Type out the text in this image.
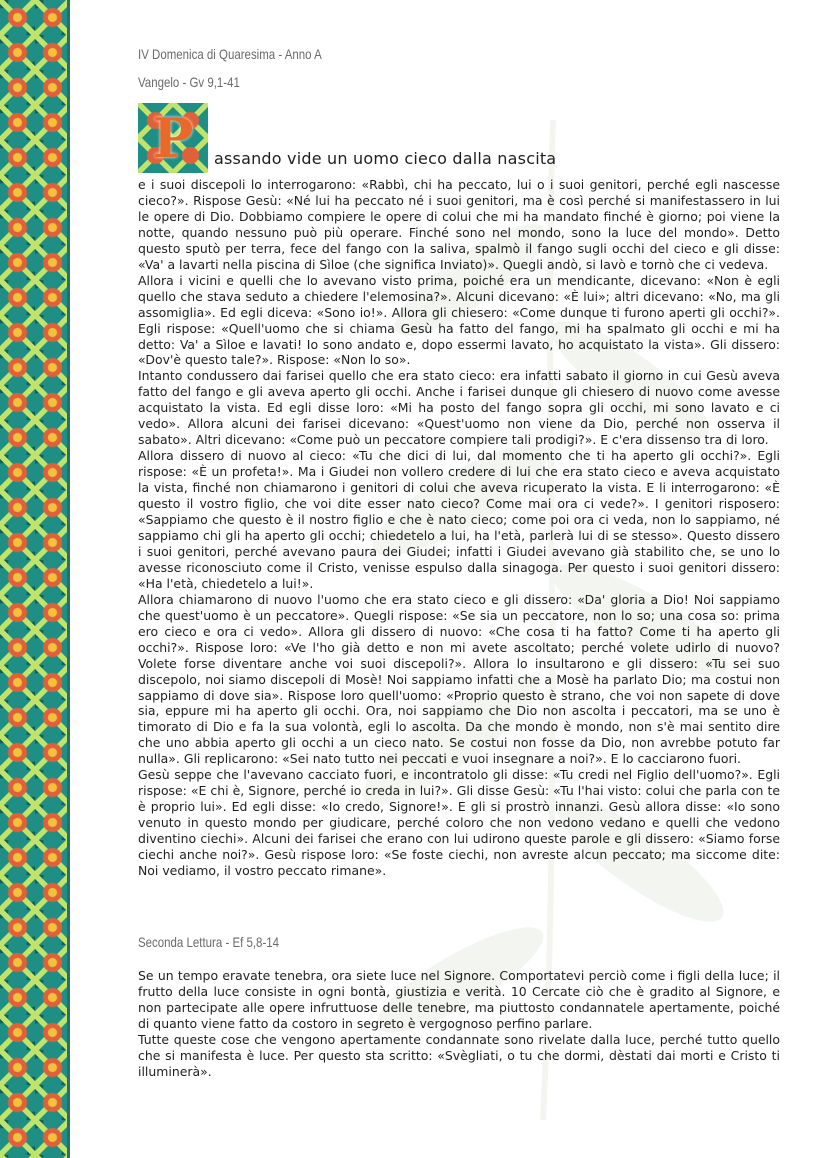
IV Domenica di Quaresima - Anno A

Vangelo - Gv 9,1-41

P assando vide un uomo cieco dalla nascita

e i suoi discepoli lo interrogarono: «Rabbì, chi ha peccato, lui o i suoi genitori, perché egli nascesse cieco?». Rispose Gesù: «Né lui ha peccato né i suoi genitori, ma è così perché si manifestassero in lui le opere di Dio. Dobbiamo compiere le opere di colui che mi ha mandato finché è giorno; poi viene la notte, quando nessuno può più operare. Finché sono nel mondo, sono la luce del mondo». Detto questo sputò per terra, fece del fango con la saliva, spalmò il fango sugli occhi del cieco e gli disse: «Va' a lavarti nella piscina di Sìloe (che significa Inviato)». Quegli andò, si lavò e tornò che ci vedeva.

Allora i vicini e quelli che lo avevano visto prima, poiché era un mendicante, dicevano: «Non è egli quello che stava seduto a chiedere l'elemosina?». Alcuni dicevano: «È lui»; altri dicevano: «No, ma gli assomiglia». Ed egli diceva: «Sono io!». Allora gli chiesero: «Come dunque ti furono aperti gli occhi?». Egli rispose: «Quell'uomo che si chiama Gesù ha fatto del fango, mi ha spalmato gli occhi e mi ha detto: Va' a Sìloe e lavati! Io sono andato e, dopo essermi lavato, ho acquistato la vista». Gli dissero: «Dov'è questo tale?». Rispose: «Non lo so».

Intanto condussero dai farisei quello che era stato cieco: era infatti sabato il giorno in cui Gesù aveva fatto del fango e gli aveva aperto gli occhi. Anche i farisei dunque gli chiesero di nuovo come avesse acquistato la vista. Ed egli disse loro: «Mi ha posto del fango sopra gli occhi, mi sono lavato e ci vedo». Allora alcuni dei farisei dicevano: «Quest'uomo non viene da Dio, perché non osserva il sabato». Altri dicevano: «Come può un peccatore compiere tali prodigi?». E c'era dissenso tra di loro.

Allora dissero di nuovo al cieco: «Tu che dici di lui, dal momento che ti ha aperto gli occhi?». Egli rispose: «È un profeta!». Ma i Giudei non vollero credere di lui che era stato cieco e aveva acquistato la vista, finché non chiamarono i genitori di colui che aveva ricuperato la vista. E li interrogarono: «È questo il vostro figlio, che voi dite esser nato cieco? Come mai ora ci vede?». I genitori risposero: «Sappiamo che questo è il nostro figlio e che è nato cieco; come poi ora ci veda, non lo sappiamo, né sappiamo chi gli ha aperto gli occhi; chiedetelo a lui, ha l'età, parlerà lui di se stesso». Questo dissero i suoi genitori, perché avevano paura dei Giudei; infatti i Giudei avevano già stabilito che, se uno lo avesse riconosciuto come il Cristo, venisse espulso dalla sinagoga. Per questo i suoi genitori dissero: «Ha l'età, chiedetelo a lui!».

Allora chiamarono di nuovo l'uomo che era stato cieco e gli dissero: «Da' gloria a Dio! Noi sappiamo che quest'uomo è un peccatore». Quegli rispose: «Se sia un peccatore, non lo so; una cosa so: prima ero cieco e ora ci vedo». Allora gli dissero di nuovo: «Che cosa ti ha fatto? Come ti ha aperto gli occhi?». Rispose loro: «Ve l'ho già detto e non mi avete ascoltato; perché volete udirlo di nuovo? Volete forse diventare anche voi suoi discepoli?». Allora lo insultarono e gli dissero: «Tu sei suo discepolo, noi siamo discepoli di Mosè! Noi sappiamo infatti che a Mosè ha parlato Dio; ma costui non sappiamo di dove sia». Rispose loro quell'uomo: «Proprio questo è strano, che voi non sapete di dove sia, eppure mi ha aperto gli occhi. Ora, noi sappiamo che Dio non ascolta i peccatori, ma se uno è timorato di Dio e fa la sua volontà, egli lo ascolta. Da che mondo è mondo, non s'è mai sentito dire che uno abbia aperto gli occhi a un cieco nato. Se costui non fosse da Dio, non avrebbe potuto far nulla». Gli replicarono: «Sei nato tutto nei peccati e vuoi insegnare a noi?». E lo cacciarono fuori.

Gesù seppe che l'avevano cacciato fuori, e incontratolo gli disse: «Tu credi nel Figlio dell'uomo?». Egli rispose: «E chi è, Signore, perché io creda in lui?». Gli disse Gesù: «Tu l'hai visto: colui che parla con te è proprio lui». Ed egli disse: «Io credo, Signore!». E gli si prostrò innanzi. Gesù allora disse: «Io sono venuto in questo mondo per giudicare, perché coloro che non vedono vedano e quelli che vedono diventino ciechi». Alcuni dei farisei che erano con lui udirono queste parole e gli dissero: «Siamo forse ciechi anche noi?». Gesù rispose loro: «Se foste ciechi, non avreste alcun peccato; ma siccome dite: Noi vediamo, il vostro peccato rimane».

Seconda Lettura - Ef 5,8-14

Se un tempo eravate tenebra, ora siete luce nel Signore. Comportatevi perciò come i figli della luce; il frutto della luce consiste in ogni bontà, giustizia e verità. 10 Cercate ciò che è gradito al Signore, e non partecipate alle opere infruttuose delle tenebre, ma piuttosto condannatele apertamente, poiché di quanto viene fatto da costoro in segreto è vergognoso perfino parlare.

Tutte queste cose che vengono apertamente condannate sono rivelate dalla luce, perché tutto quello che si manifesta è luce. Per questo sta scritto: «Svègliati, o tu che dormi, dèstati dai morti e Cristo ti illuminerà».
